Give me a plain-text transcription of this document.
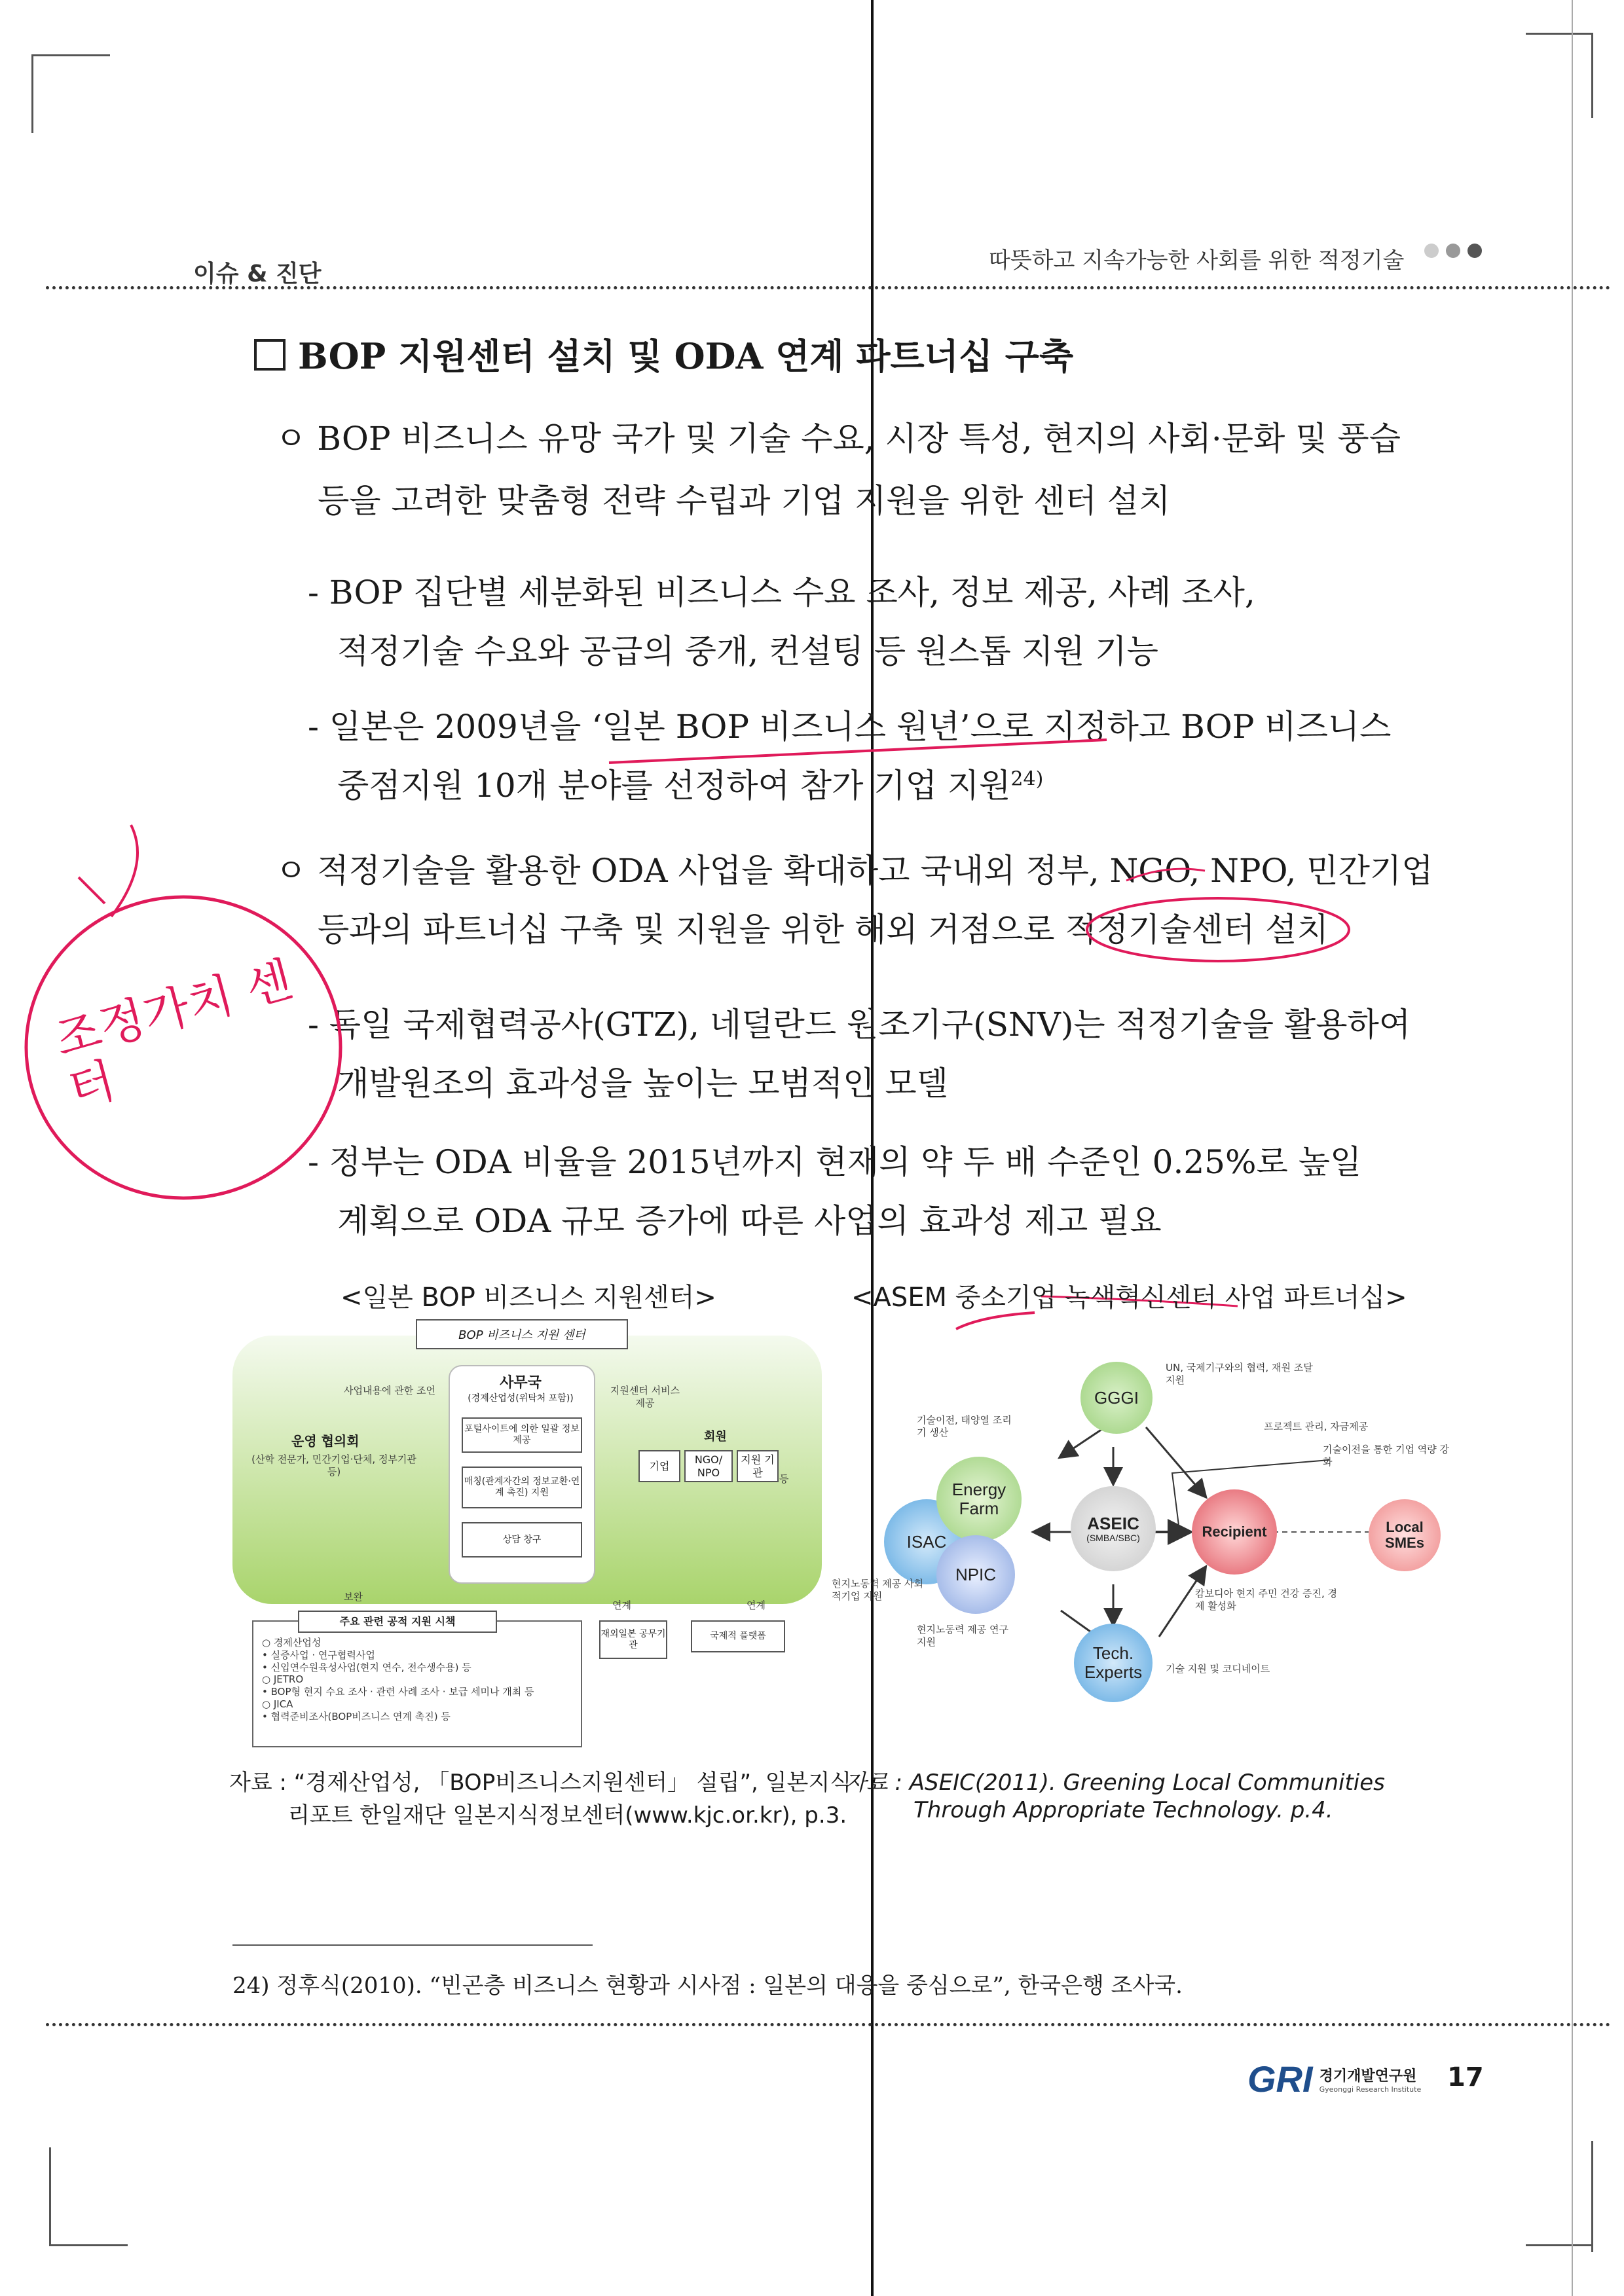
이슈 & 진단	따뜻하고 지속가능한 사회를 위한 적정기술

BOP 지원센터 설치 및 ODA 연계 파트너십 구축
ㅇ BOP 비즈니스 유망 국가 및 기술 수요, 시장 특성, 현지의 사회·문화 및 풍습
등을 고려한 맞춤형 전략 수립과 기업 지원을 위한 센터 설치
- BOP 집단별 세분화된 비즈니스 수요 조사, 정보 제공, 사례 조사,
적정기술 수요와 공급의 중개, 컨설팅 등 원스톱 지원 기능
- 일본은 2009년을 ‘일본 BOP 비즈니스 원년’으로 지정하고 BOP 비즈니스
중점지원 10개 분야를 선정하여 참가 기업 지원$^{24)}$
ㅇ 적정기술을 활용한 ODA 사업을 확대하고 국내외 정부, NGO, NPO, 민간기업
등과의 파트너십 구축 및 지원을 위한 해외 거점으로 적정기술센터 설치
- 독일 국제협력공사(GTZ), 네덜란드 원조기구(SNV)는 적정기술을 활용하여
개발원조의 효과성을 높이는 모범적인 모델
- 정부는 ODA 비율을 2015년까지 현재의 약 두 배 수준인 0.25%로 높일
계획으로 ODA 규모 증가에 따른 사업의 효과성 제고 필요
조정가치 센터
<일본 BOP 비즈니스 지원센터>
BOP 비즈니스 지원 센터
사무국
(경제산업성(위탁처 포함))
포털사이트에 의한 일괄 정보 제공
매칭(관계자간의 정보교환·연계 촉진) 지원
상담 창구
사업내용에 관한 조언	지원센터 서비스 제공
운영 협의회
(산학 전문가, 민간기업·단체, 정부기관 등)
회원
기업
NGO/ NPO
지원 기관
등
보완
연계	연계
주요 관련 공적 지원 시책
○ 경제산업성
• 실증사업 · 연구협력사업
• 신입연수원육성사업(현지 연수, 전수생수용) 등
○ JETRO
• BOP형 현지 수요 조사 · 관련 사례 조사 · 보급 세미나 개최 등
○ JICA
• 협력준비조사(BOP비즈니스 연계 촉진) 등
재외일본 공무기관
국제적 플랫폼
자료 : “경제산업성, 「BOP비즈니스지원센터」 설립”, 일본지식
리포트 한일재단 일본지식정보센터(www.kjc.or.kr), p.3.
<ASEM 중소기업 녹색혁신센터 사업 파트너십>
GGGI
ISAC
Energy Farm
NPIC
ASEIC
(SMBA/SBC)	Recipient	Local SMEs
Tech. Experts
UN, 국제기구와의 협력, 재원 조달 지원
기술이전, 태양열 조리기 생산	프로젝트 관리, 자금제공
기술이전을 통한 기업 역량 강화
현지노동력 제공 사회적기업 지원
현지노동력 제공 연구 지원
캄보디아 현지 주민 건강 증진, 경제 활성화
기술 지원 및 코디네이트
자료 : ASEIC(2011). Greening Local Communities
Through Appropriate Technology. p.4.
24) 정후식(2010). “빈곤층 비즈니스 현황과 시사점 : 일본의 대응을 중심으로”, 한국은행 조사국.
GRI 경기개발연구원
Gyeonggi Research Institute 17
